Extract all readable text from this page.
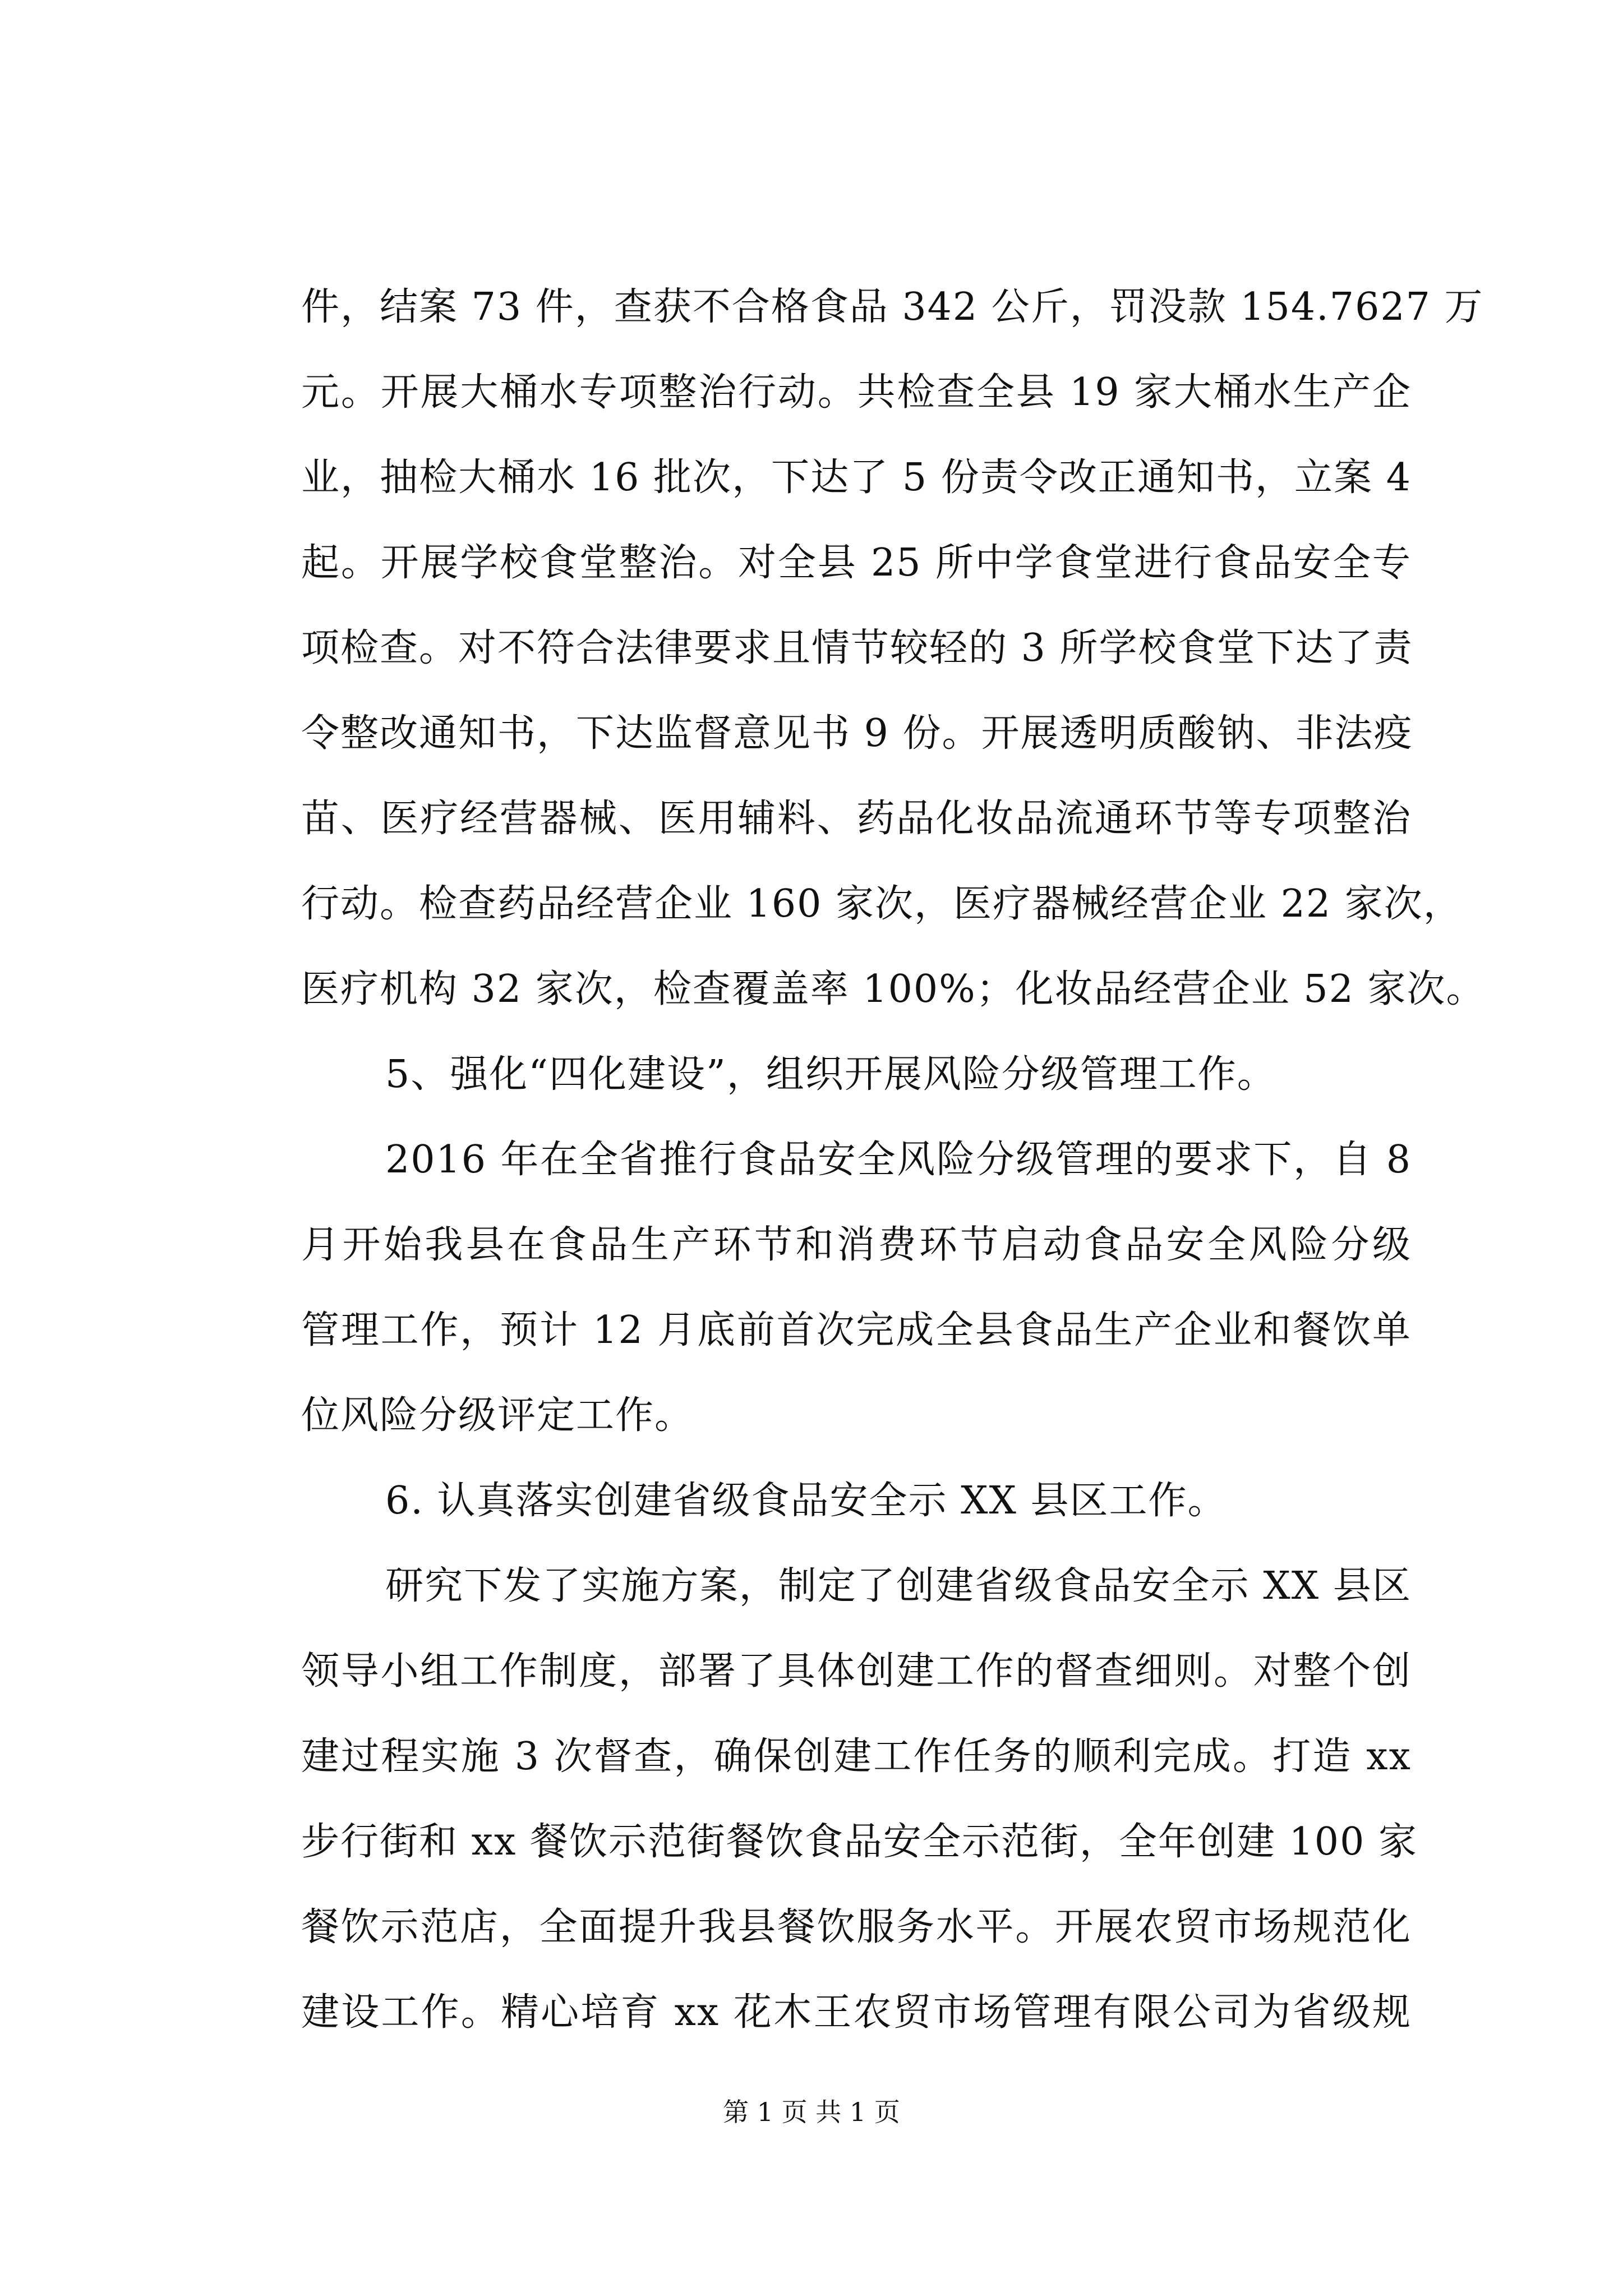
件，结案 73 件，查获不合格食品 342 公斤，罚没款 154.7627 万
元。开展大桶水专项整治行动。共检查全县 19 家大桶水生产企
业，抽检大桶水 16 批次，下达了 5 份责令改正通知书，立案 4
起。开展学校食堂整治。对全县 25 所中学食堂进行食品安全专
项检查。对不符合法律要求且情节较轻的 3 所学校食堂下达了责
令整改通知书，下达监督意见书 9 份。开展透明质酸钠、非法疫
苗、医疗经营器械、医用辅料、药品化妆品流通环节等专项整治
行动。检查药品经营企业 160 家次，医疗器械经营企业 22 家次，
医疗机构 32 家次，检查覆盖率 100%；化妆品经营企业 52 家次。
5、强化“四化建设”，组织开展风险分级管理工作。
2016 年在全省推行食品安全风险分级管理的要求下，自 8
月开始我县在食品生产环节和消费环节启动食品安全风险分级
管理工作，预计 12 月底前首次完成全县食品生产企业和餐饮单
位风险分级评定工作。
6. 认真落实创建省级食品安全示 XX 县区工作。
研究下发了实施方案，制定了创建省级食品安全示 XX 县区
领导小组工作制度，部署了具体创建工作的督查细则。对整个创
建过程实施 3 次督查，确保创建工作任务的顺利完成。打造 xx
步行街和 xx 餐饮示范街餐饮食品安全示范街，全年创建 100 家
餐饮示范店，全面提升我县餐饮服务水平。开展农贸市场规范化
建设工作。精心培育 xx 花木王农贸市场管理有限公司为省级规
第 1 页 共 1 页
